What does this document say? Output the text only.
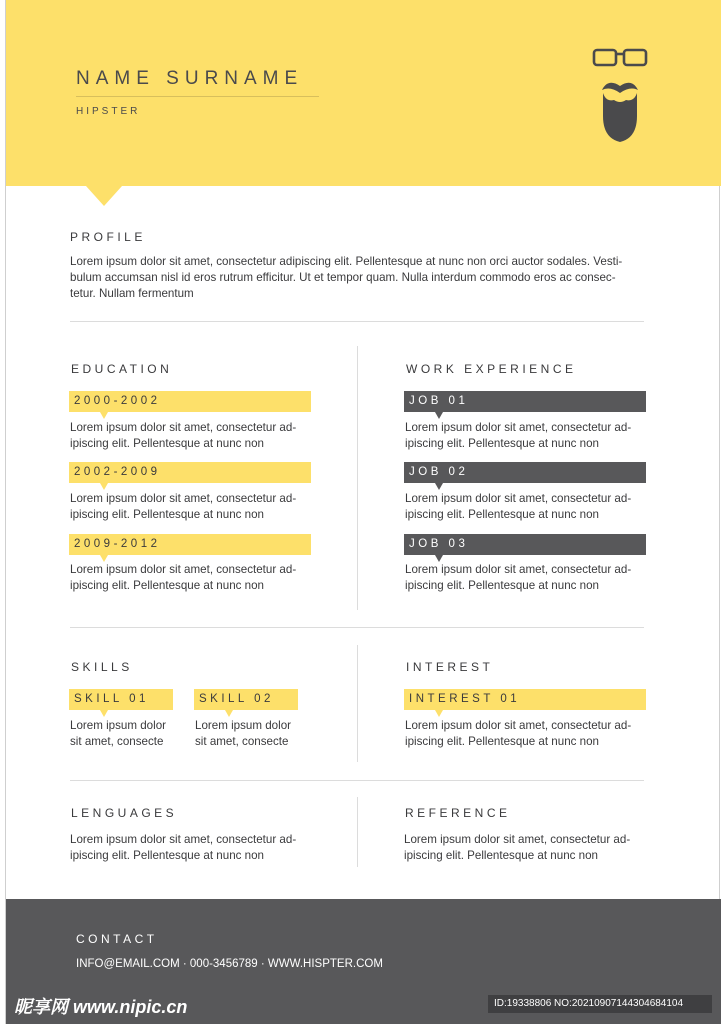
NAME SURNAME
HIPSTER
PROFILE
Lorem ipsum dolor sit amet, consectetur adipiscing elit. Pellentesque at nunc non orci auctor sodales. Vesti-
bulum accumsan nisl id eros rutrum efficitur. Ut et tempor quam. Nulla interdum commodo eros ac consec-
tetur. Nullam fermentum
EDUCATION
2000-2002
Lorem ipsum dolor sit amet, consectetur ad-
ipiscing elit. Pellentesque at nunc non
2002-2009
Lorem ipsum dolor sit amet, consectetur ad-
ipiscing elit. Pellentesque at nunc non
2009-2012
Lorem ipsum dolor sit amet, consectetur ad-
ipiscing elit. Pellentesque at nunc non
WORK EXPERIENCE
JOB 01
Lorem ipsum dolor sit amet, consectetur ad-
ipiscing elit. Pellentesque at nunc non
JOB 02
Lorem ipsum dolor sit amet, consectetur ad-
ipiscing elit. Pellentesque at nunc non
JOB 03
Lorem ipsum dolor sit amet, consectetur ad-
ipiscing elit. Pellentesque at nunc non
SKILLS
SKILL 01
Lorem ipsum dolor
sit amet, consecte
SKILL 02
Lorem ipsum dolor
sit amet, consecte
INTEREST
INTEREST 01
Lorem ipsum dolor sit amet, consectetur ad-
ipiscing elit. Pellentesque at nunc non
LENGUAGES
Lorem ipsum dolor sit amet, consectetur ad-
ipiscing elit. Pellentesque at nunc non
REFERENCE
Lorem ipsum dolor sit amet, consectetur ad-
ipiscing elit. Pellentesque at nunc non
CONTACT
INFO@EMAIL.COM · 000-3456789 · WWW.HISPTER.COM
昵享网 www.nipic.cn	ID:19338806 NO:20210907144304684104
